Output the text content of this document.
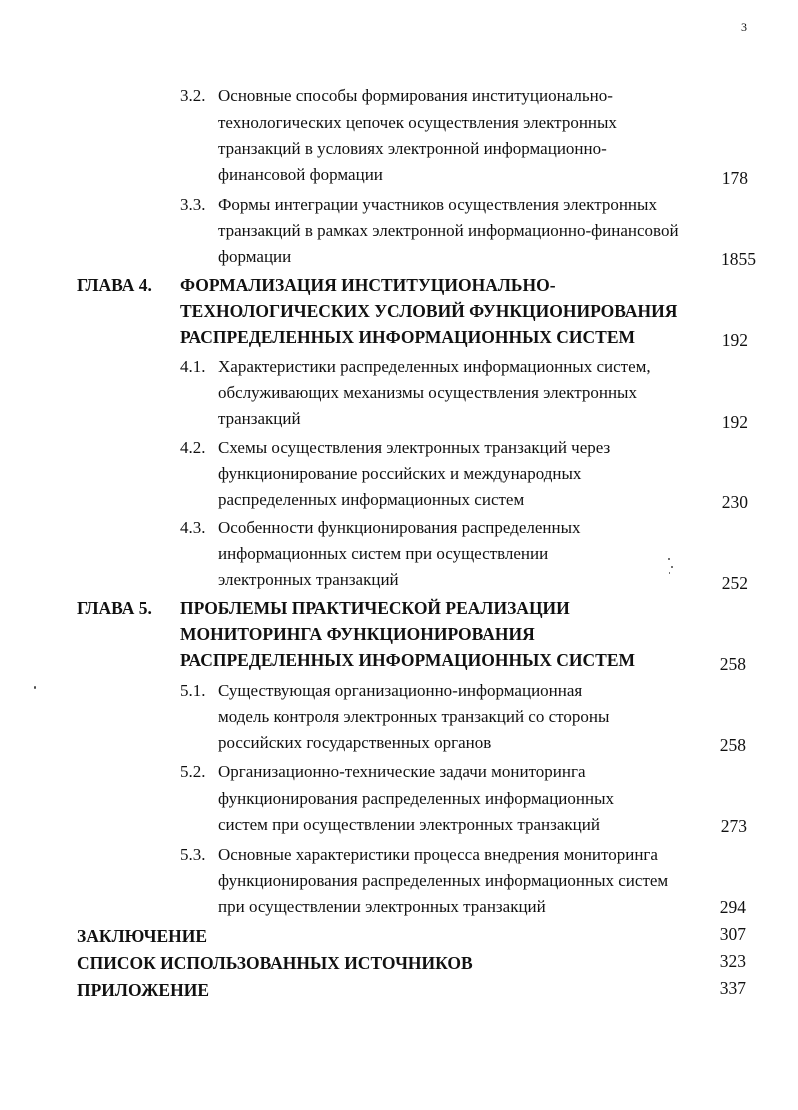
3
3.2. Основные способы формирования институционально-
технологических цепочек осуществления электронных
транзакций в условиях электронной информационно-
финансовой формации	178
3.3. Формы интеграции участников осуществления электронных
транзакций в рамках электронной информационно-финансовой
формации	1855
ГЛАВА 4. ФОРМАЛИЗАЦИЯ ИНСТИТУЦИОНАЛЬНО-
ТЕХНОЛОГИЧЕСКИХ УСЛОВИЙ ФУНКЦИОНИРОВАНИЯ
РАСПРЕДЕЛЕННЫХ ИНФОРМАЦИОННЫХ СИСТЕМ	192
4.1. Характеристики распределенных информационных систем,
обслуживающих механизмы осуществления электронных
транзакций	192
4.2. Схемы осуществления электронных транзакций через
функционирование российских и международных
распределенных информационных систем	230
4.3. Особенности функционирования распределенных
информационных систем при осуществлении
электронных транзакций	252
ГЛАВА 5. ПРОБЛЕМЫ ПРАКТИЧЕСКОЙ РЕАЛИЗАЦИИ
МОНИТОРИНГА ФУНКЦИОНИРОВАНИЯ
РАСПРЕДЕЛЕННЫХ ИНФОРМАЦИОННЫХ СИСТЕМ	258
5.1. Существующая организационно-информационная
модель контроля электронных транзакций со стороны
российских государственных органов	258
5.2. Организационно-технические задачи мониторинга
функционирования распределенных информационных
систем при осуществлении электронных транзакций	273
5.3. Основные характеристики процесса внедрения мониторинга
функционирования распределенных информационных систем
при осуществлении электронных транзакций	294
ЗАКЛЮЧЕНИЕ	307
СПИСОК ИСПОЛЬЗОВАННЫХ ИСТОЧНИКОВ	323
ПРИЛОЖЕНИЕ	337
